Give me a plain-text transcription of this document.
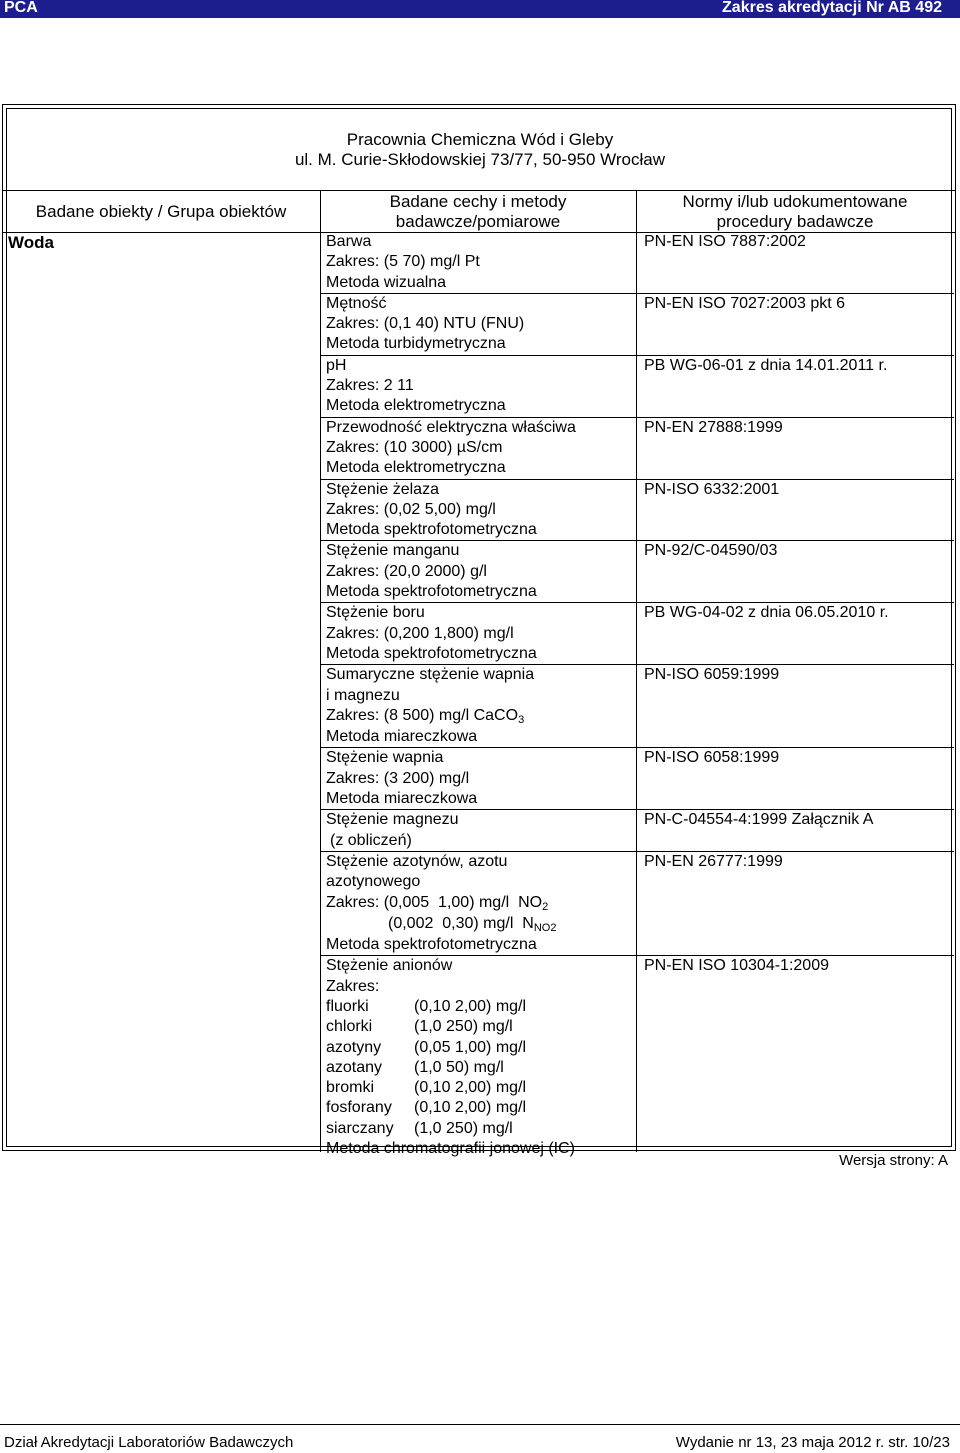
PCA	Zakres akredytacji Nr AB 492
Pracownia Chemiczna Wód i Gleby
ul. M. Curie-Skłodowskiej 73/77, 50-950 Wrocław
Badane obiekty / Grupa obiektów
Badane cechy i metody
badawcze/pomiarowe
Normy i/lub udokumentowane
procedury badawcze
Woda	Barwa
Zakres: (5 70) mg/l Pt
Metoda wizualna
PN-EN ISO 7887:2002
Mętność
Zakres: (0,1 40) NTU (FNU)
Metoda turbidymetryczna
PN-EN ISO 7027:2003 pkt 6
pH
Zakres: 2 11
Metoda elektrometryczna
PB WG-06-01 z dnia 14.01.2011 r.
Przewodność elektryczna właściwa
Zakres: (10 3000) µS/cm
Metoda elektrometryczna
PN-EN 27888:1999
Stężenie żelaza
Zakres: (0,02 5,00) mg/l
Metoda spektrofotometryczna
PN-ISO 6332:2001
Stężenie manganu
Zakres: (20,0 2000) g/l
Metoda spektrofotometryczna
PN-92/C-04590/03
Stężenie boru
Zakres: (0,200 1,800) mg/l
Metoda spektrofotometryczna
PB WG-04-02 z dnia 06.05.2010 r.
Sumaryczne stężenie wapnia
i magnezu
Zakres: (8 500) mg/l CaCO$_3$
Metoda miareczkowa
PN-ISO 6059:1999
Stężenie wapnia
Zakres: (3 200) mg/l
Metoda miareczkowa
PN-ISO 6058:1999
Stężenie magnezu
(z obliczeń)
PN-C-04554-4:1999 Załącznik A
Stężenie azotynów, azotu
azotynowego
Zakres: (0,005  1,00) mg/l  $NO_2$
(0,002  0,30) mg/l  $N_{NO2}$
Metoda spektrofotometryczna
PN-EN 26777:1999
Stężenie anionów
Zakres:
fluorki	(0,10 2,00) mg/l
chlorki	(1,0 250) mg/l
azotyny	(0,05 1,00) mg/l
azotany	(1,0 50) mg/l
bromki	(0,10 2,00) mg/l
fosforany	(0,10 2,00) mg/l
siarczany	(1,0 250) mg/l
Metoda chromatografii jonowej (IC)
PN-EN ISO 10304-1:2009
Wersja strony: A
Dział Akredytacji Laboratoriów Badawczych	Wydanie nr 13, 23 maja 2012 r. str. 10/23
